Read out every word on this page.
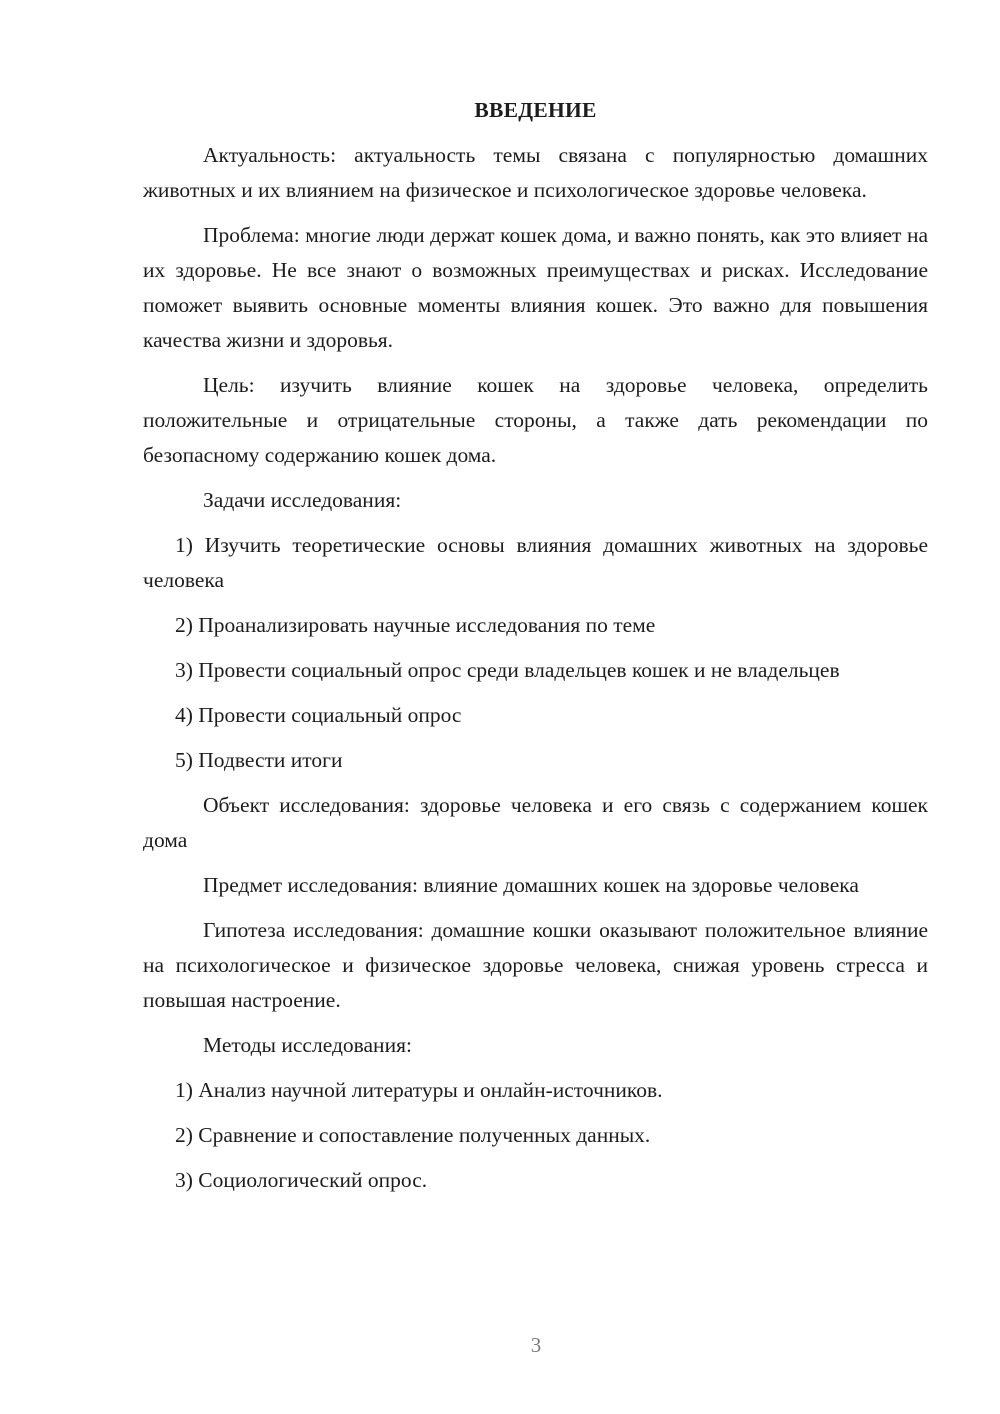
ВВЕДЕНИЕ

Актуальность: актуальность темы связана с популярностью домашних животных и их влиянием на физическое и психологическое здоровье человека.

Проблема: многие люди держат кошек дома, и важно понять, как это влияет на их здоровье. Не все знают о возможных преимуществах и рисках. Исследование поможет выявить основные моменты влияния кошек. Это важно для повышения качества жизни и здоровья.

Цель: изучить влияние кошек на здоровье человека, определить положительные и отрицательные стороны, а также дать рекомендации по безопасному содержанию кошек дома.

Задачи исследования:

1) Изучить теоретические основы влияния домашних животных на здоровье человека

2) Проанализировать научные исследования по теме

3) Провести социальный опрос среди владельцев кошек и не владельцев

4) Провести социальный опрос

5) Подвести итоги

Объект исследования: здоровье человека и его связь с содержанием кошек дома

Предмет исследования: влияние домашних кошек на здоровье человека

Гипотеза исследования: домашние кошки оказывают положительное влияние на психологическое и физическое здоровье человека, снижая уровень стресса и повышая настроение.

Методы исследования:

1) Анализ научной литературы и онлайн-источников.

2) Сравнение и сопоставление полученных данных.

3) Социологический опрос.

3
